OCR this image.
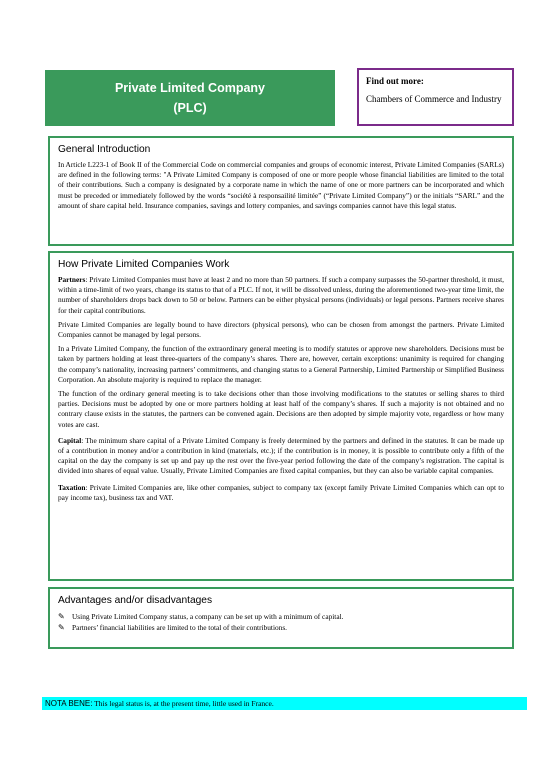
Private Limited Company
(PLC)
Find out more:
Chambers of Commerce and Industry
General Introduction

In Article L223-1 of Book II of the Commercial Code on commercial companies and groups of economic interest, Private Limited Companies (SARLs) are defined in the following terms: "A Private Limited Company is composed of one or more people whose financial liabilities are limited to the total of their contributions. Such a company is designated by a corporate name in which the name of one or more partners can be incorporated and which must be preceded or immediately followed by the words “société à responsailité limitée” (“Private Limited Company”) or the initials “SARL” and the amount of share capital held. Insurance companies, savings and lottery companies, and savings companies cannot have this legal status.

How Private Limited Companies Work

Partners: Private Limited Companies must have at least 2 and no more than 50 partners. If such a company surpasses the 50-partner threshold, it must, within a time-limit of two years, change its status to that of a PLC. If not, it will be dissolved unless, during the aforementioned two-year time limit, the number of shareholders drops back down to 50 or below. Partners can be either physical persons (individuals) or legal persons. Partners receive shares for their capital contributions.

Private Limited Companies are legally bound to have directors (physical persons), who can be chosen from amongst the partners. Private Limited Companies cannot be managed by legal persons.

In a Private Limited Company, the function of the extraordinary general meeting is to modify statutes or approve new shareholders. Decisions must be taken by partners holding at least three-quarters of the company’s shares. There are, however, certain exceptions: unanimity is required for changing the company’s nationality, increasing partners’ commitments, and changing status to a General Partnership, Limited Partnership or Simplified Business Corporation. An absolute majority is required to replace the manager.

The function of the ordinary general meeting is to take decisions other than those involving modifications to the statutes or selling shares to third parties. Decisions must be adopted by one or more partners holding at least half of the company’s shares. If such a majority is not obtained and no contrary clause exists in the statutes, the partners can be convened again. Decisions are then adopted by simple majority vote, regardless or how many votes are cast.

Capital: The minimum share capital of a Private Limited Company is freely determined by the partners and defined in the statutes. It can be made up of a contribution in money and/or a contribution in kind (materials, etc.); if the contribution is in money, it is possible to contribute only a fifth of the capital on the day the company is set up and pay up the rest over the five-year period following the date of the company’s registration. The capital is divided into shares of equal value. Usually, Private Limited Companies are fixed capital companies, but they can also be variable capital companies.

Taxation: Private Limited Companies are, like other companies, subject to company tax (except family Private Limited Companies which can opt to pay income tax), business tax and VAT.

Advantages and/or disadvantages
✎ Using Private Limited Company status, a company can be set up with a minimum of capital.
✎ Partners’ financial liabilities are limited to the total of their contributions.
NOTA BENE: This legal status is, at the present time, little used in France.
